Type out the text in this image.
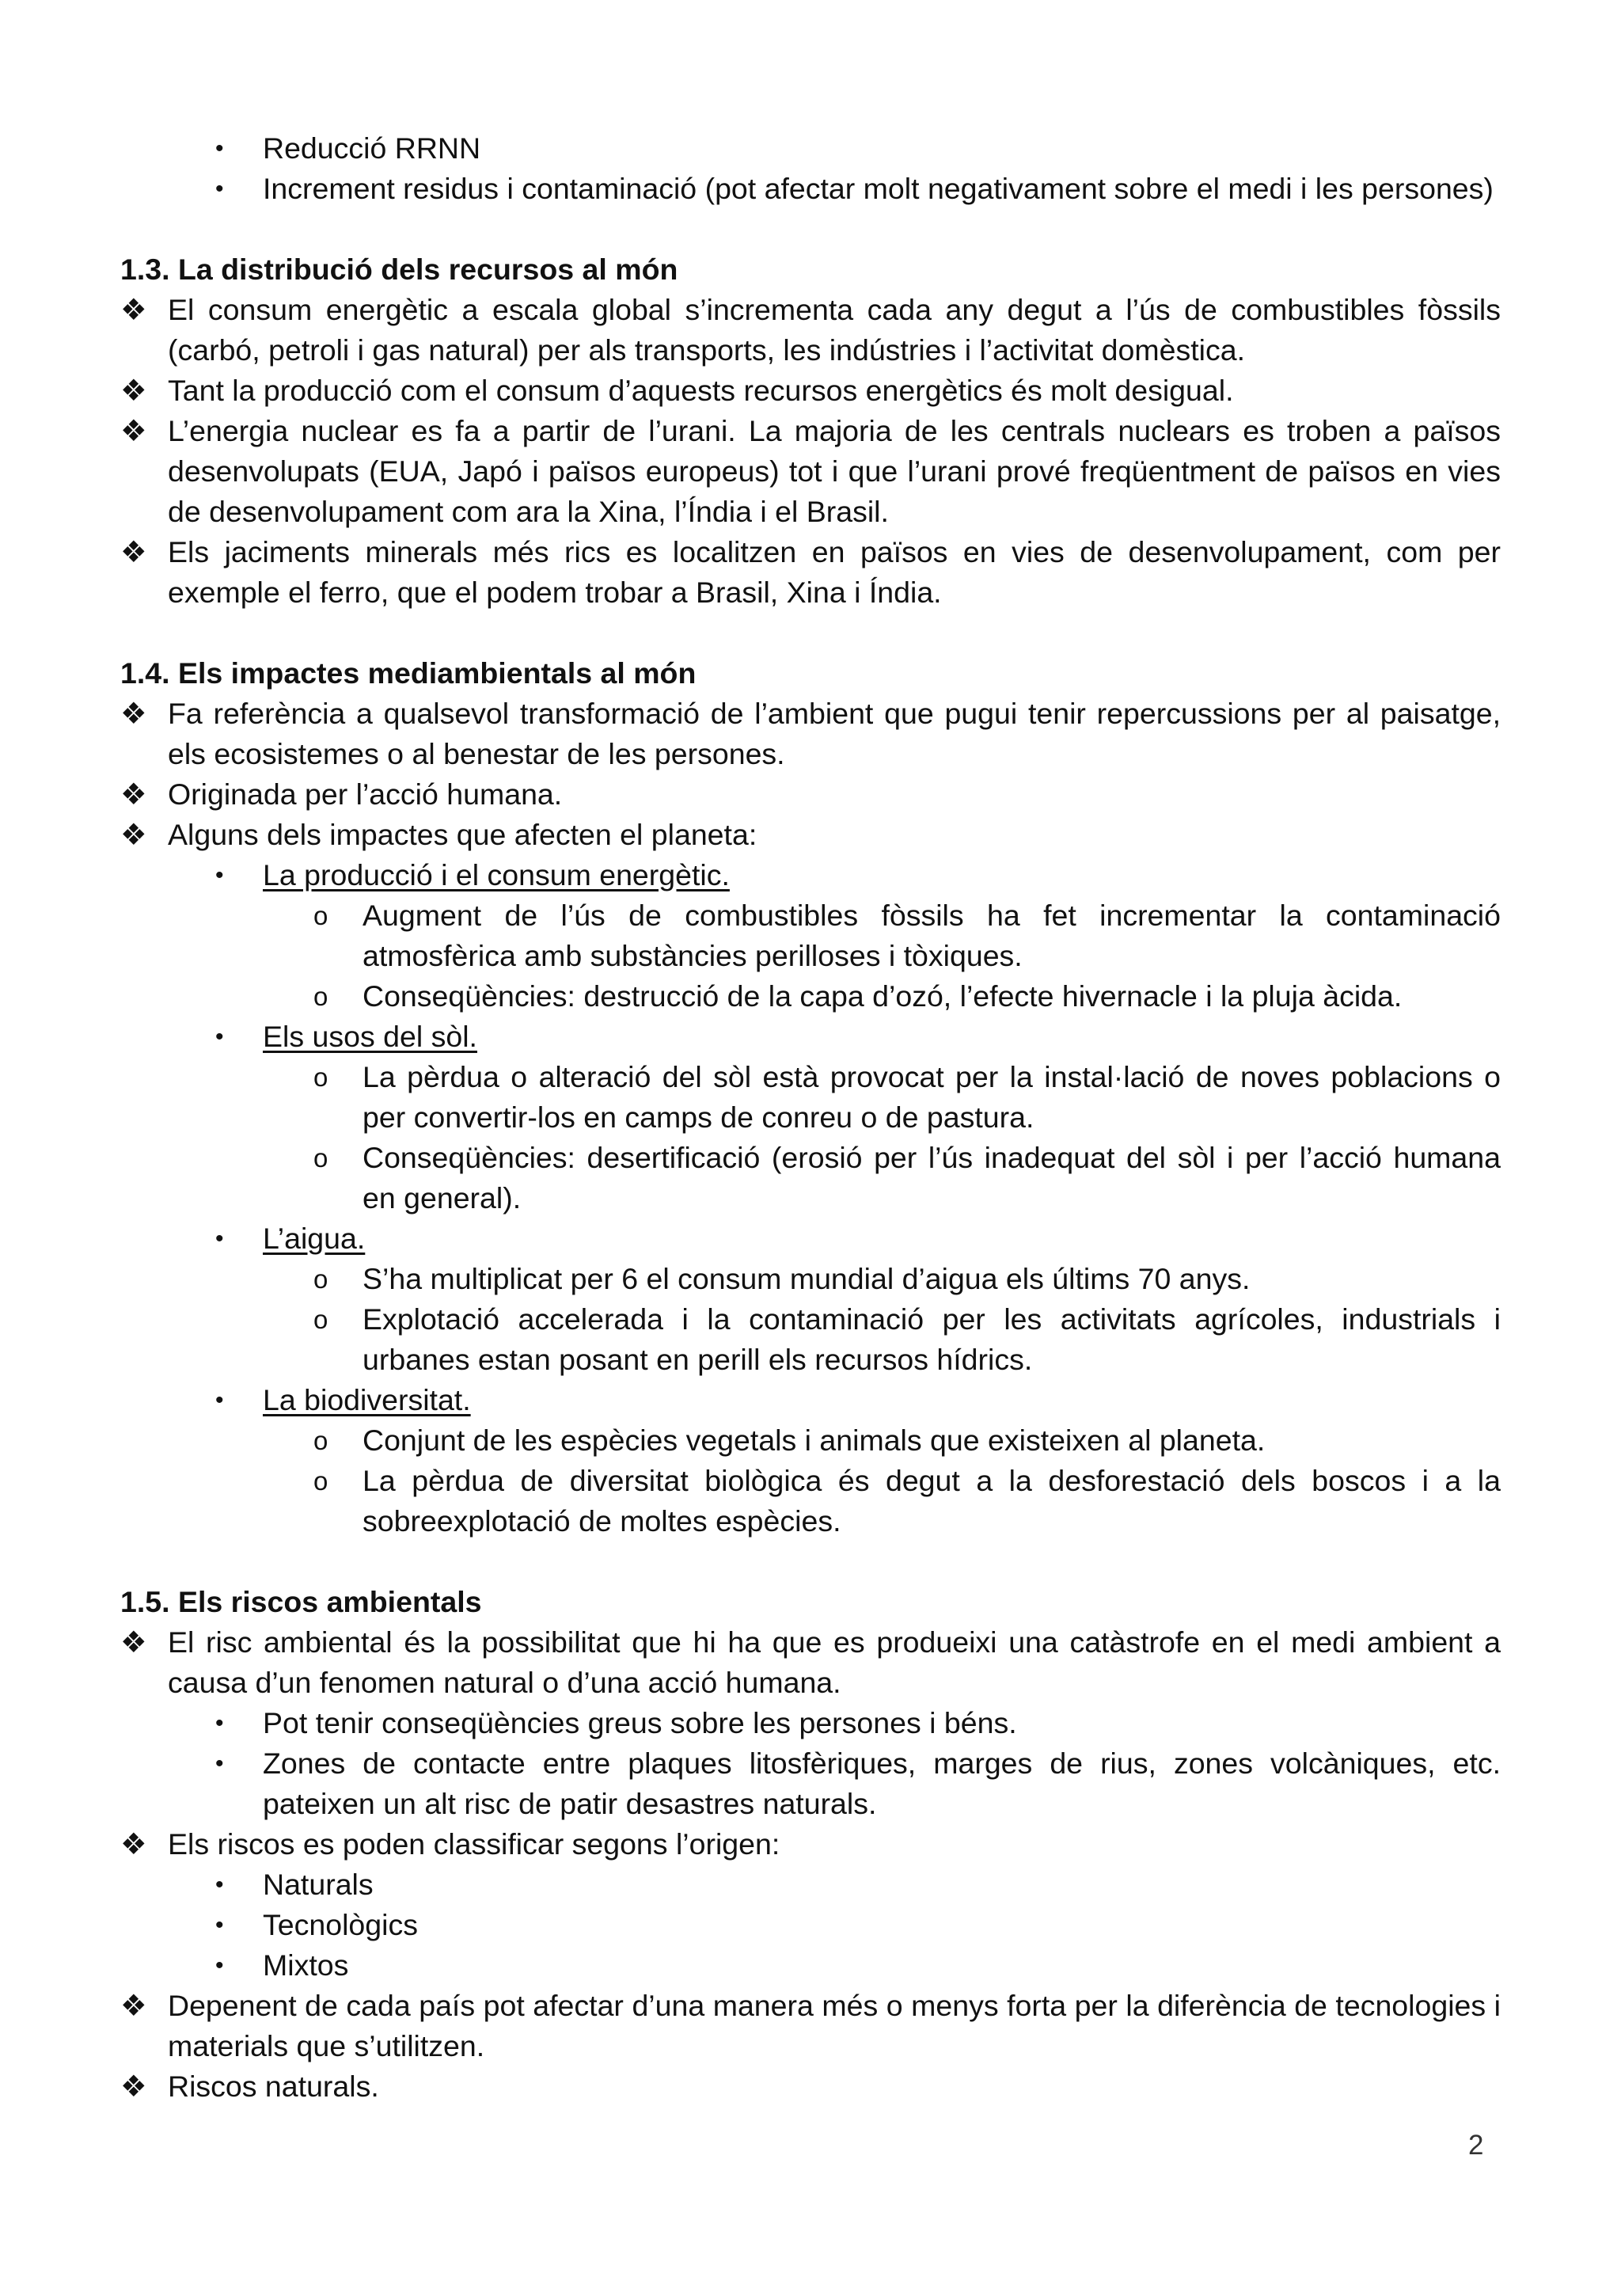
• Reducció RRNN
• Increment residus i contaminació (pot afectar molt negativament sobre el medi i les persones)
1.3. La distribució dels recursos al món
❖ El consum energètic a escala global s’incrementa cada any degut a l’ús de combustibles fòssils (carbó, petroli i gas natural) per als transports, les indústries i l’activitat domèstica.
❖ Tant la producció com el consum d’aquests recursos energètics és molt desigual.
❖ L’energia nuclear es fa a partir de l’urani. La majoria de les centrals nuclears es troben a països desenvolupats (EUA, Japó i països europeus) tot i que l’urani prové freqüentment de països en vies de desenvolupament com ara la Xina, l’Índia i el Brasil.
❖ Els jaciments minerals més rics es localitzen en països en vies de desenvolupament, com per exemple el ferro, que el podem trobar a Brasil, Xina i Índia.
1.4. Els impactes mediambientals al món
❖ Fa referència a qualsevol transformació de l’ambient que pugui tenir repercussions per al paisatge, els ecosistemes o al benestar de les persones.
❖ Originada per l’acció humana.
❖ Alguns dels impactes que afecten el planeta:
• La producció i el consum energètic.
o Augment de l’ús de combustibles fòssils ha fet incrementar la contaminació atmosfèrica amb substàncies perilloses i tòxiques.
o Conseqüències: destrucció de la capa d’ozó, l’efecte hivernacle i la pluja àcida.
• Els usos del sòl.
o La pèrdua o alteració del sòl està provocat per la instal·lació de noves poblacions o per convertir-los en camps de conreu o de pastura.
o Conseqüències: desertificació (erosió per l’ús inadequat del sòl i per l’acció humana en general).
• L’aigua.
o S’ha multiplicat per 6 el consum mundial d’aigua els últims 70 anys.
o Explotació accelerada i la contaminació per les activitats agrícoles, industrials i urbanes estan posant en perill els recursos hídrics.
• La biodiversitat.
o Conjunt de les espècies vegetals i animals que existeixen al planeta.
o La pèrdua de diversitat biològica és degut a la desforestació dels boscos i a la sobreexplotació de moltes espècies.
1.5. Els riscos ambientals
❖ El risc ambiental és la possibilitat que hi ha que es produeixi una catàstrofe en el medi ambient a causa d’un fenomen natural o d’una acció humana.
• Pot tenir conseqüències greus sobre les persones i béns.
• Zones de contacte entre plaques litosfèriques, marges de rius, zones volcàniques, etc. pateixen un alt risc de patir desastres naturals.
❖ Els riscos es poden classificar segons l’origen:
• Naturals
• Tecnològics
• Mixtos
❖ Depenent de cada país pot afectar d’una manera més o menys forta per la diferència de tecnologies i materials que s’utilitzen.
❖ Riscos naturals.
2
